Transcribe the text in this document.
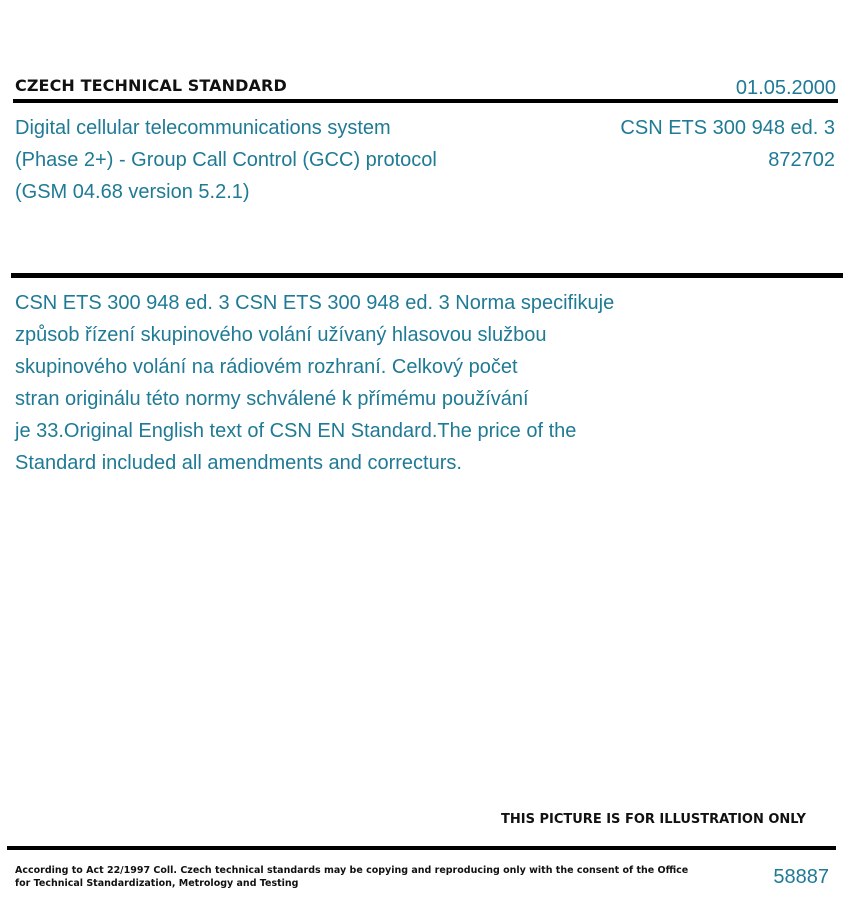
CZECH TECHNICAL STANDARD	01.05.2000
Digital cellular telecommunications system
(Phase 2+) - Group Call Control (GCC) protocol
(GSM 04.68 version 5.2.1)
CSN ETS 300 948 ed. 3
872702
CSN ETS 300 948 ed. 3 CSN ETS 300 948 ed. 3 Norma specifikuje
způsob řízení skupinového volání užívaný hlasovou službou
skupinového volání na rádiovém rozhraní. Celkový počet
stran originálu této normy schválené k přímému používání
je 33.Original English text of CSN EN Standard.The price of the
Standard included all amendments and correcturs.
THIS PICTURE IS FOR ILLUSTRATION ONLY
According to Act 22/1997 Coll. Czech technical standards may be copying and reproducing only with the consent of the Office
for Technical Standardization, Metrology and Testing	58887
